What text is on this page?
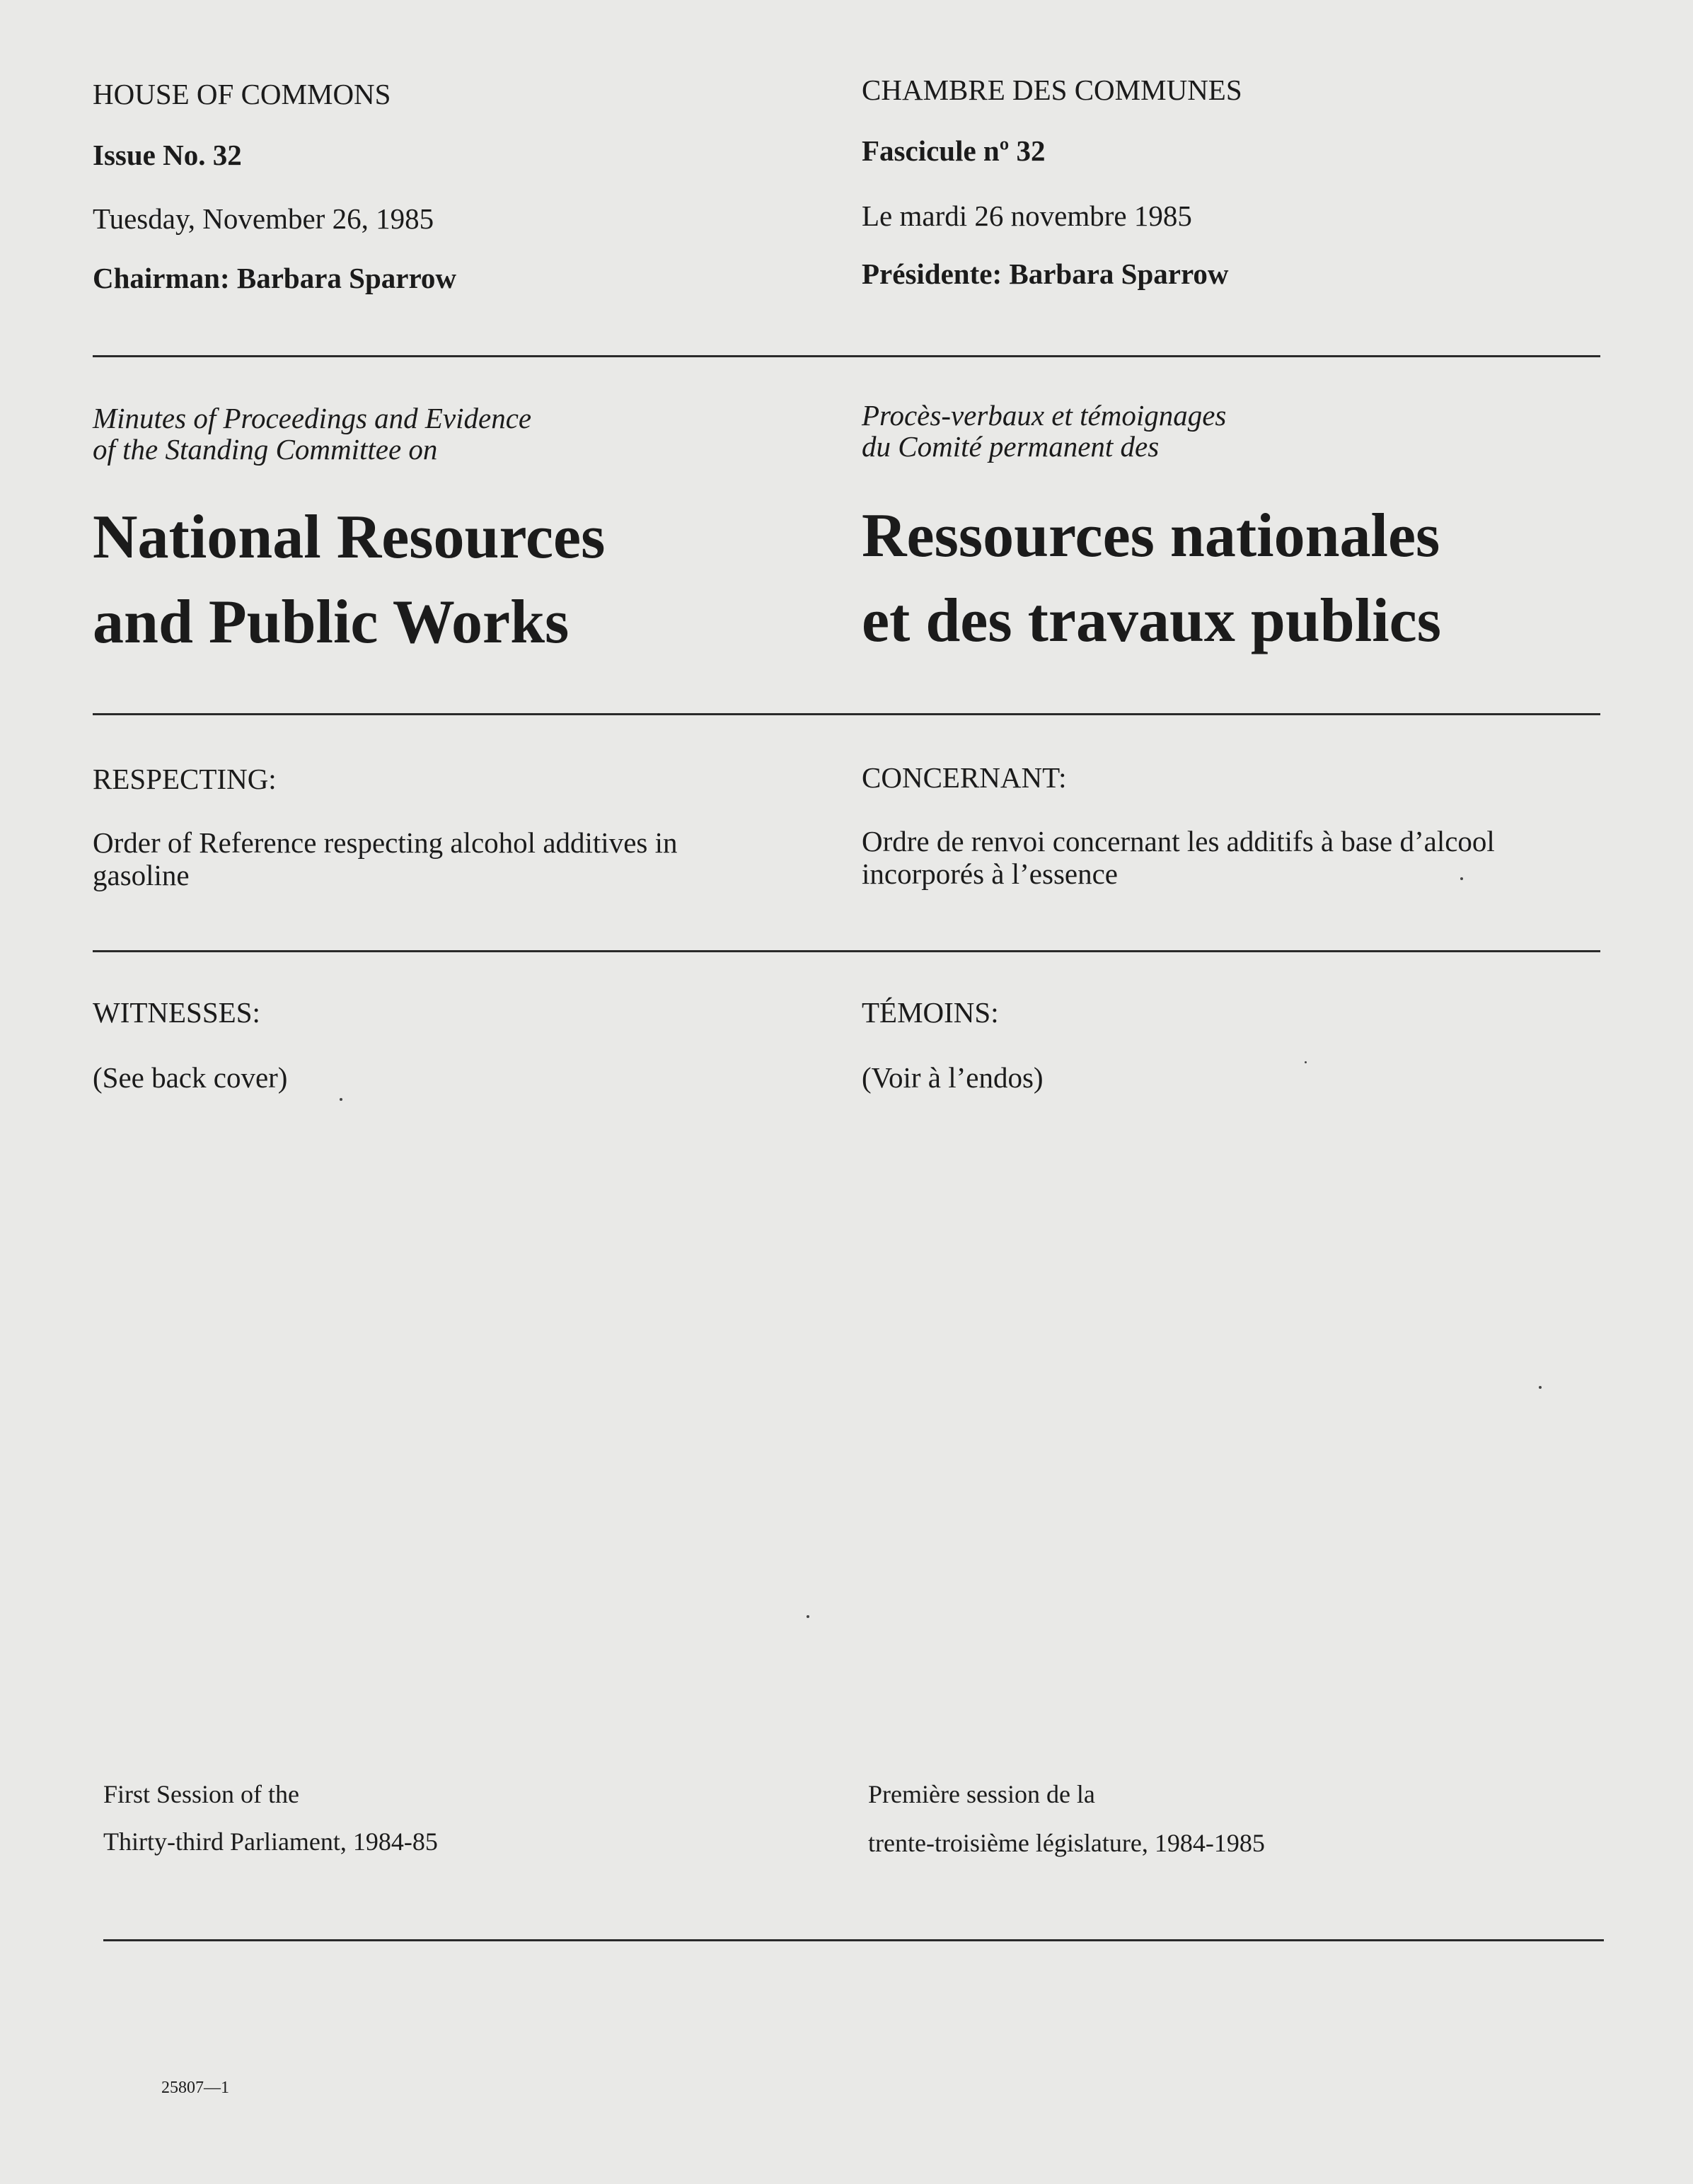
HOUSE OF COMMONS
Issue No. 32
Tuesday, November 26, 1985
Chairman: Barbara Sparrow
Minutes of Proceedings and Evidence
of the Standing Committee on
National Resources
and Public Works
RESPECTING:
Order of Reference respecting alcohol additives in
gasoline
WITNESSES:
(See back cover)
First Session of the
Thirty-third Parliament, 1984-85
25807—1
CHAMBRE DES COMMUNES
Fascicule nº 32
Le mardi 26 novembre 1985
Présidente: Barbara Sparrow
Procès-verbaux et témoignages
du Comité permanent des
Ressources nationales
et des travaux publics
CONCERNANT:
Ordre de renvoi concernant les additifs à base d’alcool
incorporés à l’essence
TÉMOINS:
(Voir à l’endos)
Première session de la
trente-troisième législature, 1984-1985
